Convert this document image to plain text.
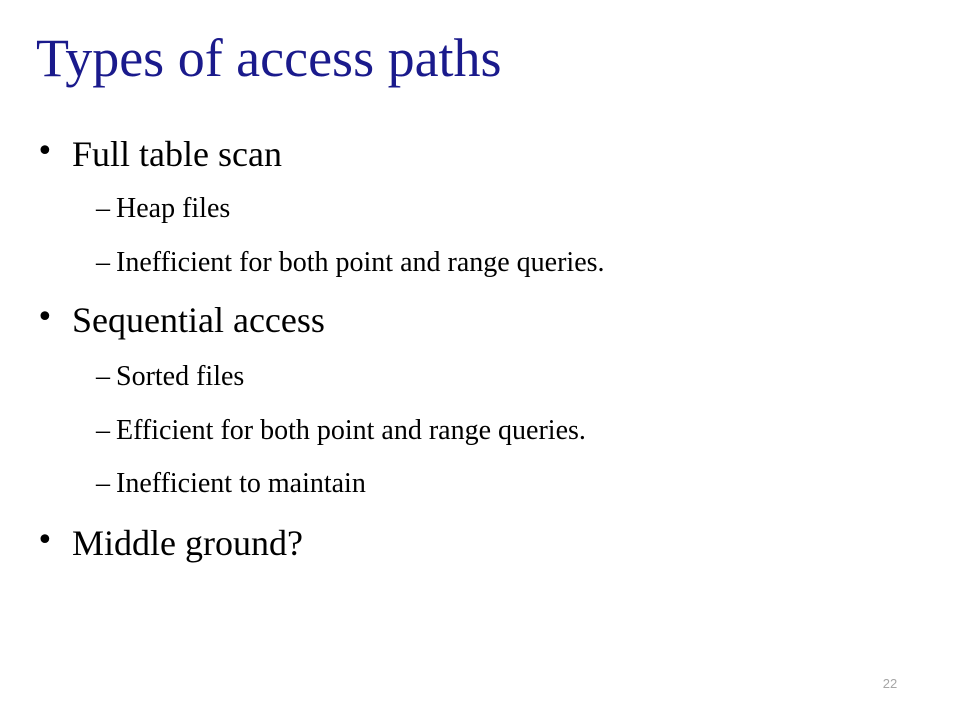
Types of access paths
• Full table scan
– Heap files
– Inefficient for both point and range queries.
• Sequential access
– Sorted files
– Efficient for both point and range queries.
– Inefficient to maintain
• Middle ground?
22
